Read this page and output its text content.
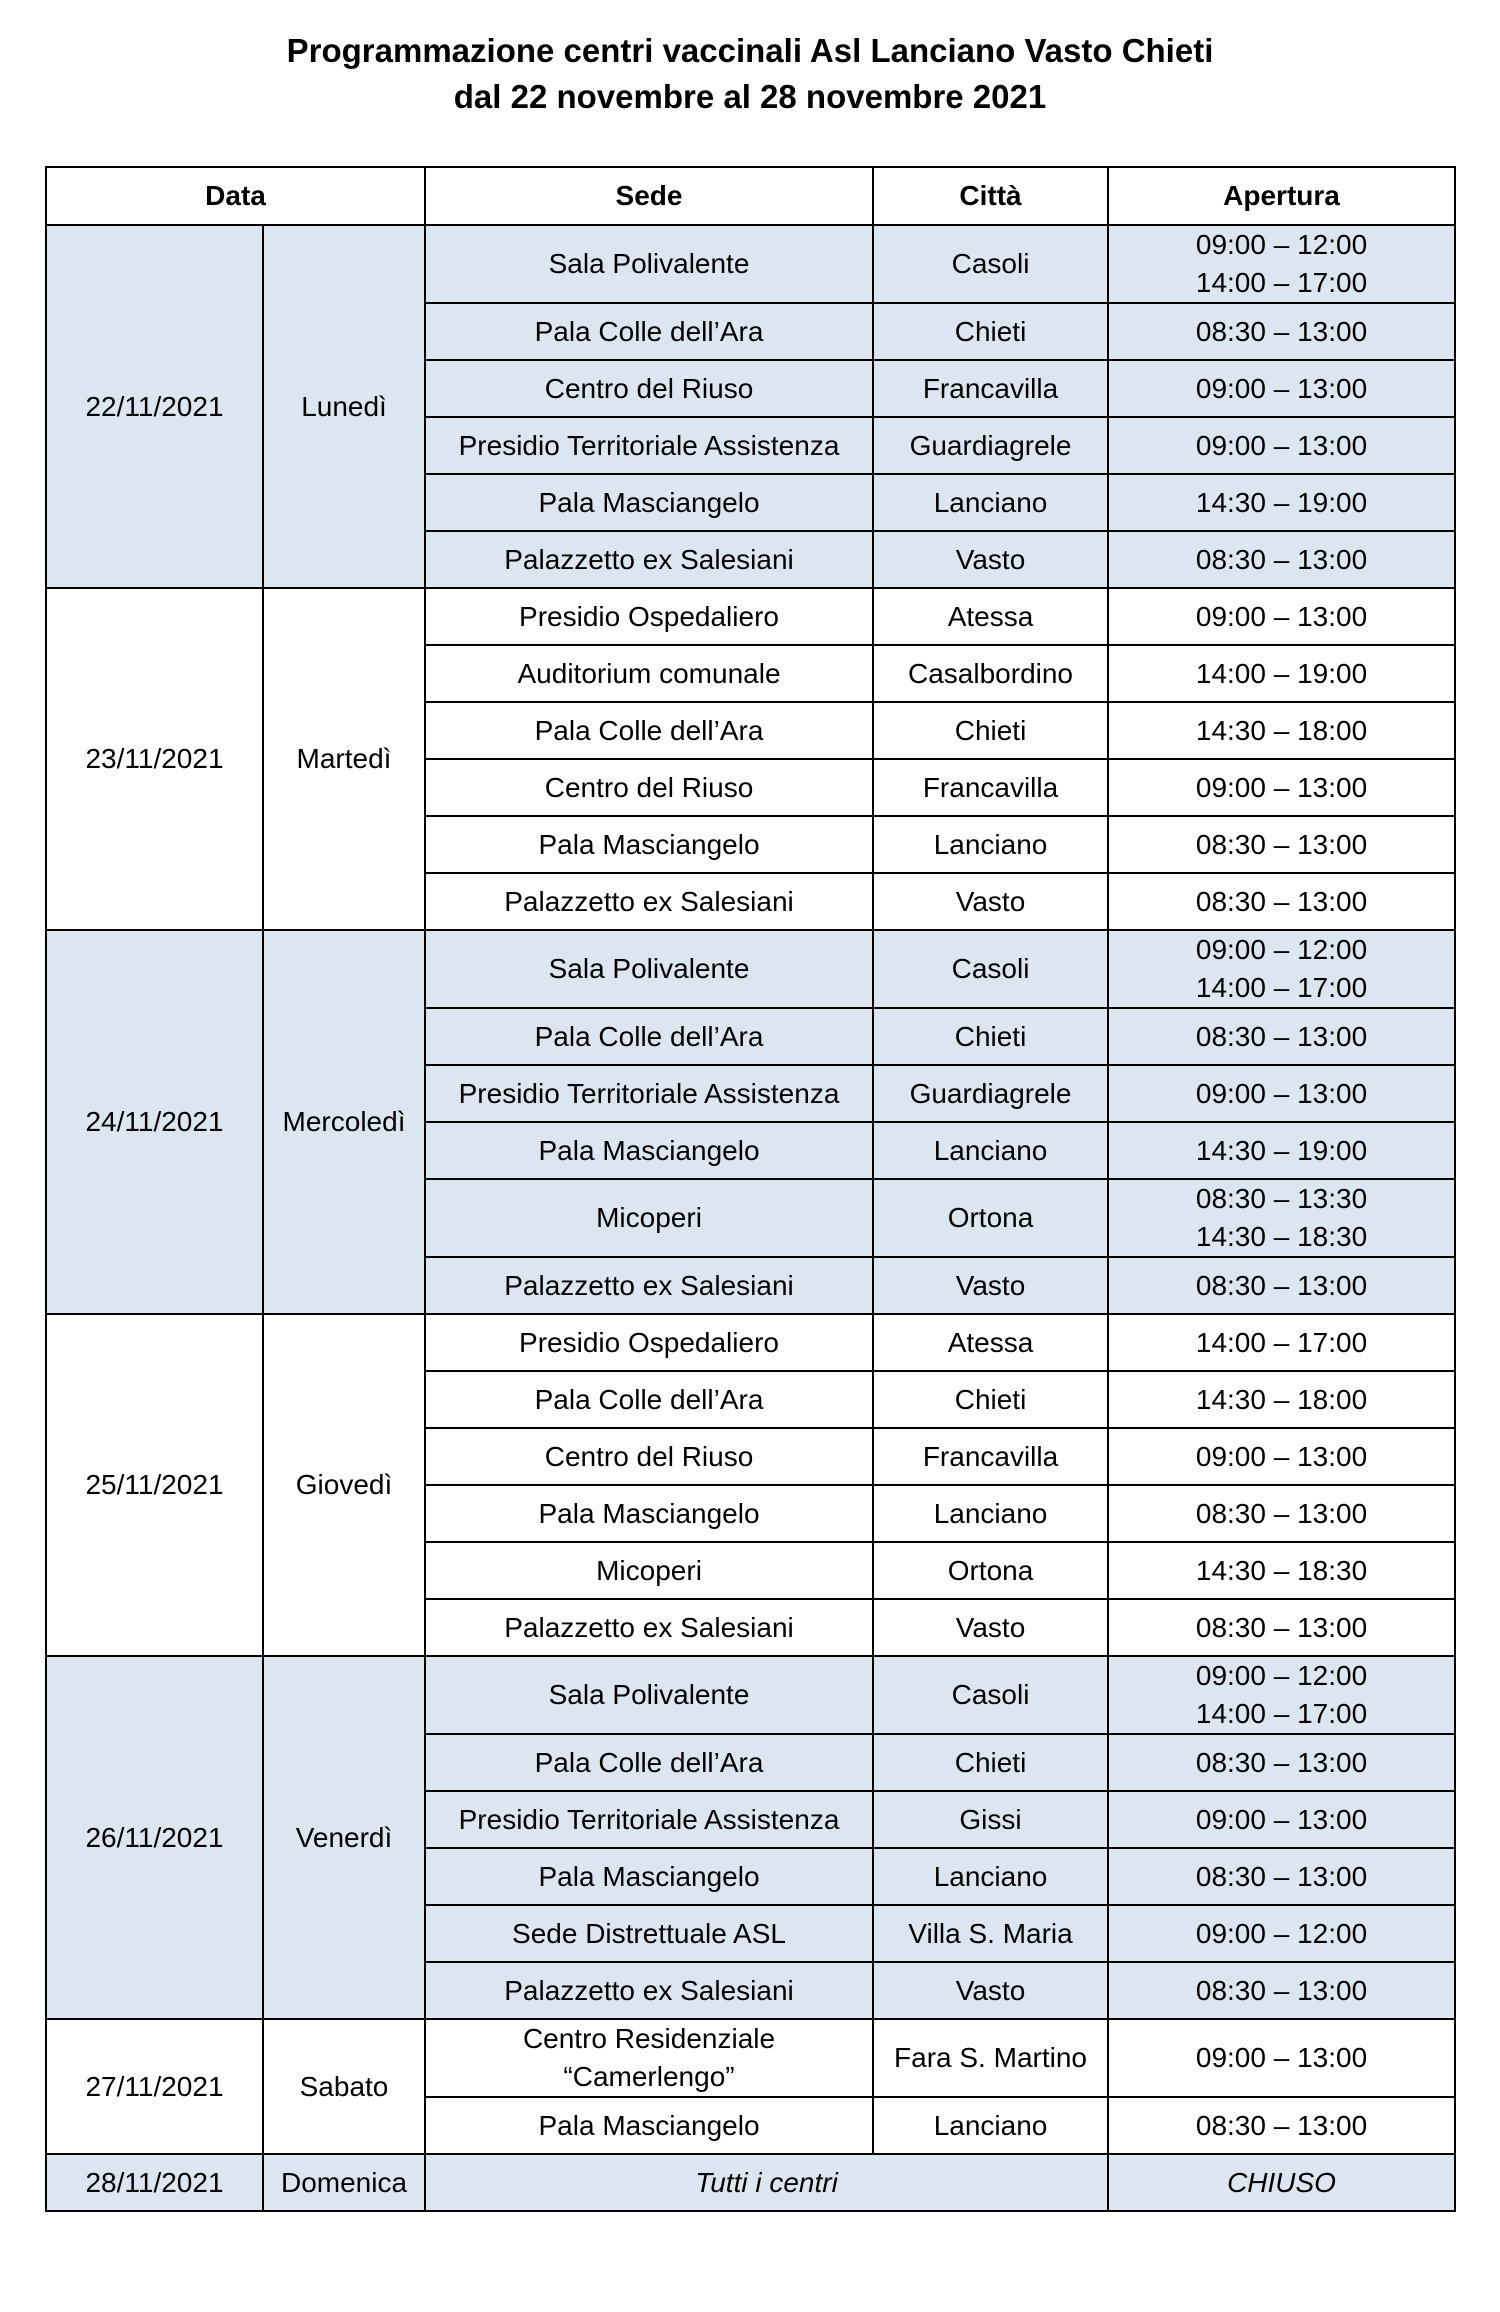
Programmazione centri vaccinali Asl Lanciano Vasto Chieti
dal 22 novembre al 28 novembre 2021
Data		Sede	Città	Apertura
22/11/2021	Lunedì	Sala Polivalente	Casoli	09:00 – 12:00
14:00 – 17:00

		Pala Colle dell’Ara	Chieti	08:30 – 13:00

		Centro del Riuso	Francavilla	09:00 – 13:00

		Presidio Territoriale Assistenza	Guardiagrele	09:00 – 13:00

		Pala Masciangelo	Lanciano	14:30 – 19:00

		Palazzetto ex Salesiani	Vasto	08:30 – 13:00

23/11/2021	Martedì	Presidio Ospedaliero	Atessa	09:00 – 13:00

		Auditorium comunale	Casalbordino	14:00 – 19:00

		Pala Colle dell’Ara	Chieti	14:30 – 18:00

		Centro del Riuso	Francavilla	09:00 – 13:00

		Pala Masciangelo	Lanciano	08:30 – 13:00

		Palazzetto ex Salesiani	Vasto	08:30 – 13:00

24/11/2021	Mercoledì	Sala Polivalente	Casoli	09:00 – 12:00
14:00 – 17:00

		Pala Colle dell’Ara	Chieti	08:30 – 13:00

		Presidio Territoriale Assistenza	Guardiagrele	09:00 – 13:00

		Pala Masciangelo	Lanciano	14:30 – 19:00

		Micoperi	Ortona	08:30 – 13:30
14:30 – 18:30

		Palazzetto ex Salesiani	Vasto	08:30 – 13:00

25/11/2021	Giovedì	Presidio Ospedaliero	Atessa	14:00 – 17:00

		Pala Colle dell’Ara	Chieti	14:30 – 18:00

		Centro del Riuso	Francavilla	09:00 – 13:00

		Pala Masciangelo	Lanciano	08:30 – 13:00

		Micoperi	Ortona	14:30 – 18:30

		Palazzetto ex Salesiani	Vasto	08:30 – 13:00

26/11/2021	Venerdì	Sala Polivalente	Casoli	09:00 – 12:00
14:00 – 17:00

		Pala Colle dell’Ara	Chieti	08:30 – 13:00

		Presidio Territoriale Assistenza	Gissi	09:00 – 13:00

		Pala Masciangelo	Lanciano	08:30 – 13:00

		Sede Distrettuale ASL	Villa S. Maria	09:00 – 12:00

		Palazzetto ex Salesiani	Vasto	08:30 – 13:00

27/11/2021	Sabato	Centro Residenziale
“Camerlengo”	Fara S. Martino	09:00 – 13:00

		Pala Masciangelo	Lanciano	08:30 – 13:00

28/11/2021	Domenica	Tutti i centri		CHIUSO
